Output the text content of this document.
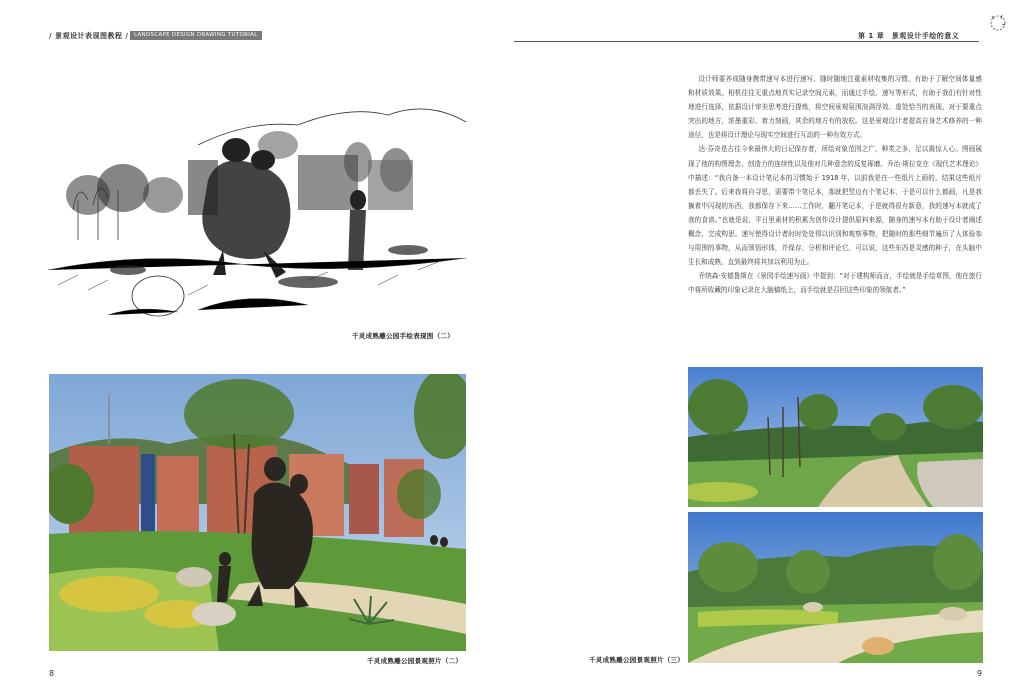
/ 景观设计表现图教程 /	LANDSCAPE DESIGN DRAWING TUTORIAL	第 1 章　景观设计手绘的意义
千灵成熟雕公园手绘表现图（二）
千灵成熟雕公园景观照片（二）
8

设计师要养成随身携带速写本进行速写、随时随地注重素材收集的习惯，有助于了解空间体量感和材质效果。相机往往无重点地真实记录空间元素，而通过手绘、速写等形式，有助于我们有针对性地进行选择，依据设计审美思考进行提炼，将空间景观氛围渲满浮效、虚处恰当的表现。对于要重点突出的地方，浓墨重彩、着力刻画，其余的地方有的放松。这是景观设计者提高自身艺术修养的一种途径，也是将设计理论与现实空间进行互动的一种有效方式。

达·芬奇是古往今来最伟大的日记保存者，所绘对象范围之广，种类之多，足以震惊人心。图画展现了他的构图理念、创造力的连续性以及他对几种意念的反复琢磨。乔治·斯拉克在《现代艺术理论》中描述：“我自备一本设计笔记本的习惯始于 1918 年，以前我是在一些纸片上画的，结果这些纸片都丢失了。后来我将自寻思，需要带个笔记本，那就把竖边有个笔记本，于是可以什么都画，凡是我搁着中闪现的东西，我都保存下来……工作时，翻开笔记本，于是就得很有新意，我的速写本就成了我的食谱。”也就是说，平日里素材的积累为创作设计提供原料来源，随身的速写本有助于设计者阐述概念，完成构思。速写使得设计者时时处处得以识别和观察事物，把随时的那些细节遍历了人体验参与周围的事物，从而领悟形体，并保存、分析和评论它。可以说，这些东西是灵感的种子，在头脑中生长和成熟，直到最终将其加以利用为止。

乔纳森·安德鲁斯在《景园手绘速写画》中提到：“对于建构师而言，手绘就是手绘草图，他在旅行中将所收藏的印象记录在大脑稿纸上，而手绘就是召回这些印象的领航者。”

千灵成熟雕公园景观照片（三）
9
